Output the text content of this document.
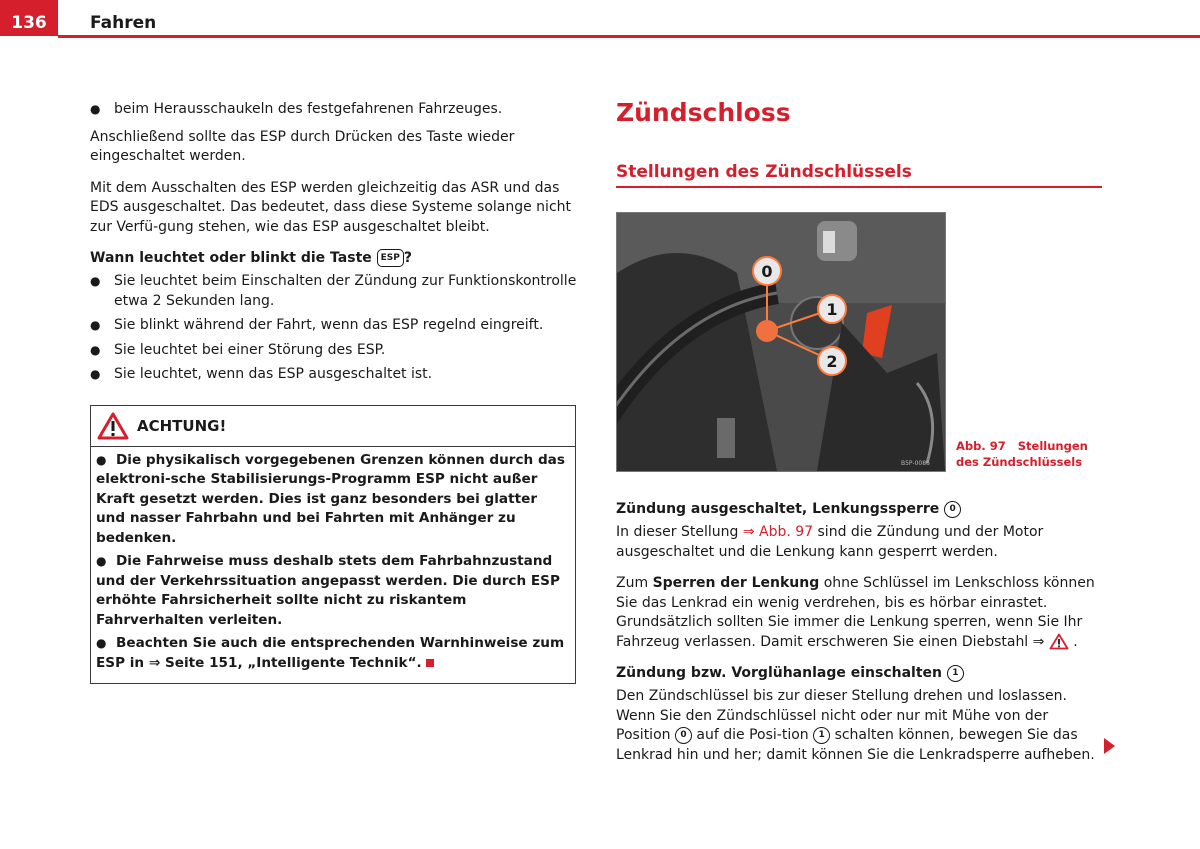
136	Fahren
● beim Herausschaukeln des festgefahrenen Fahrzeuges.

Anschließend sollte das ESP durch Drücken des Taste wieder eingeschaltet werden.

Mit dem Ausschalten des ESP werden gleichzeitig das ASR und das EDS ausgeschaltet. Das bedeutet, dass diese Systeme solange nicht zur Verfü-gung stehen, wie das ESP ausgeschaltet bleibt.

Wann leuchtet oder blinkt die Taste ESP ?
● Sie leuchtet beim Einschalten der Zündung zur Funktionskontrolle etwa 2 Sekunden lang.
● Sie blinkt während der Fahrt, wenn das ESP regelnd eingreift.
● Sie leuchtet bei einer Störung des ESP.
● Sie leuchtet, wenn das ESP ausgeschaltet ist.
ACHTUNG!
● Die physikalisch vorgegebenen Grenzen können durch das elektroni-sche Stabilisierungs-Programm ESP nicht außer Kraft gesetzt werden. Dies ist ganz besonders bei glatter und nasser Fahrbahn und bei Fahrten mit Anhänger zu bedenken.
● Die Fahrweise muss deshalb stets dem Fahrbahnzustand und der Verkehrssituation angepasst werden. Die durch ESP erhöhte Fahrsicherheit sollte nicht zu riskantem Fahrverhalten verleiten.
● Beachten Sie auch die entsprechenden Warnhinweise zum ESP in ⇒ Seite 151, „Intelligente Technik“.
Zündschloss
Stellungen des Zündschlüssels
0
1
2
B5P-0086
Abb. 97 Stellungen des Zündschlüssels
Zündung ausgeschaltet, Lenkungssperre 0

In dieser Stellung ⇒ Abb. 97 sind die Zündung und der Motor ausgeschaltet und die Lenkung kann gesperrt werden.

Zum Sperren der Lenkung ohne Schlüssel im Lenkschloss können Sie das Lenkrad ein wenig verdrehen, bis es hörbar einrastet. Grundsätzlich sollten Sie immer die Lenkung sperren, wenn Sie Ihr Fahrzeug verlassen. Damit erschweren Sie einen Diebstahl ⇒ .

Zündung bzw. Vorglühanlage einschalten 1

Den Zündschlüssel bis zur dieser Stellung drehen und loslassen. Wenn Sie den Zündschlüssel nicht oder nur mit Mühe von der Position 0 auf die Posi-tion 1 schalten können, bewegen Sie das Lenkrad hin und her; damit können Sie die Lenkradsperre aufheben.
